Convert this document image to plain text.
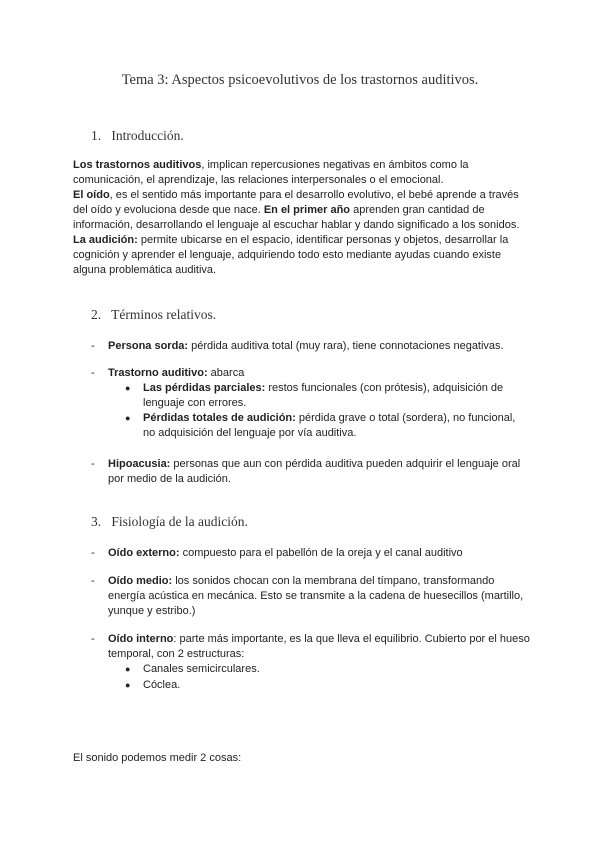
Tema 3: Aspectos psicoevolutivos de los trastornos auditivos.
1. Introducción.

Los trastornos auditivos, implican repercusiones negativas en ámbitos como la comunicación, el aprendizaje, las relaciones interpersonales o el emocional.

El oído, es el sentido más importante para el desarrollo evolutivo, el bebé aprende a través del oído y evoluciona desde que nace. En el primer año aprenden gran cantidad de información, desarrollando el lenguaje al escuchar hablar y dando significado a los sonidos.

La audición: permite ubicarse en el espacio, identificar personas y objetos, desarrollar la cognición y aprender el lenguaje, adquiriendo todo esto mediante ayudas cuando existe alguna problemática auditiva.

2. Términos relativos.
- Persona sorda: pérdida auditiva total (muy rara), tiene connotaciones negativas.
- Trastorno auditivo: abarca
● Las pérdidas parciales: restos funcionales (con prótesis), adquisición de lenguaje con errores.
● Pérdidas totales de audición: pérdida grave o total (sordera), no funcional, no adquisición del lenguaje por vía auditiva.
- Hipoacusia: personas que aun con pérdida auditiva pueden adquirir el lenguaje oral por medio de la audición.
3. Fisiología de la audición.
- Oído externo: compuesto para el pabellón de la oreja y el canal auditivo
- Oído medio: los sonidos chocan con la membrana del tímpano, transformando energía acústica en mecánica. Esto se transmite a la cadena de huesecillos (martillo, yunque y estribo.)
- Oído interno: parte más importante, es la que lleva el equilibrio. Cubierto por el hueso temporal, con 2 estructuras:
● Canales semicirculares.
● Cóclea.
El sonido podemos medir 2 cosas:
